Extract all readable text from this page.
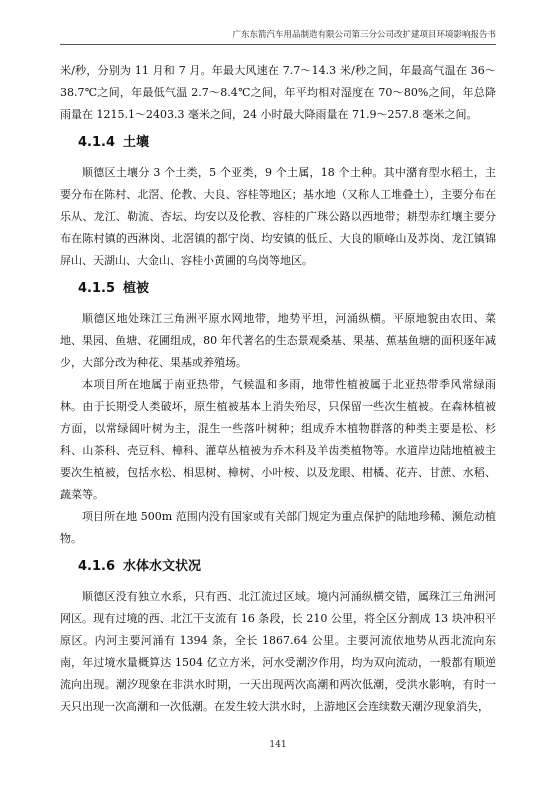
广东东箭汽车用品制造有限公司第三分公司改扩建项目环境影响报告书

米/秒，分别为 11 月和 7 月。年最大风速在 7.7～14.3 米/秒之间，年最高气温在 36～38.7℃之间，年最低气温 2.7～8.4℃之间，年平均相对湿度在 70～80%之间，年总降雨量在 1215.1～2403.3 毫米之间，24 小时最大降雨量在 71.9～257.8 毫米之间。

4.1.4 土壤

顺德区土壤分 3 个土类，5 个亚类，9 个土属，18 个土种。其中潴育型水稻土，主要分布在陈村、北滘、伦教、大良、容桂等地区；基水地（又称人工堆叠土），主要分布在乐从、龙江、勒流、杏坛、均安以及伦教、容桂的广珠公路以西地带；耕型赤红壤主要分布在陈村镇的西淋岗、北滘镇的都宁岗、均安镇的低丘、大良的顺峰山及苏岗、龙江镇锦屏山、天湖山、大金山、容桂小黄圃的乌岗等地区。

4.1.5 植被

顺德区地处珠江三角洲平原水网地带，地势平坦，河涌纵横。平原地貌由农田、菜地、果园、鱼塘、花圃组成，80 年代著名的生态景观桑基、果基、蕉基鱼塘的面积逐年减少，大部分改为种花、果基或养殖场。

本项目所在地属于南亚热带，气候温和多雨，地带性植被属于北亚热带季风常绿雨林。由于长期受人类破坏，原生植被基本上消失殆尽，只保留一些次生植被。在森林植被方面，以常绿阔叶树为主，混生一些落叶树种；组成乔木植物群落的种类主要是松、杉科、山茶科、壳豆科、樟科、灌草丛植被为乔木科及羊齿类植物等。水道岸边陆地植被主要次生植被，包括水松、相思树、樟树、小叶桉、以及龙眼、柑橘、花卉、甘蔗、水稻、蔬菜等。

项目所在地 500m 范围内没有国家或有关部门规定为重点保护的陆地珍稀、濒危动植物。

4.1.6 水体水文状况

顺德区没有独立水系，只有西、北江流过区域。境内河涌纵横交错，属珠江三角洲河网区。现有过境的西、北江干支流有 16 条段，长 210 公里，将全区分割成 13 块冲积平原区。内河主要河涌有 1394 条，全长 1867.64 公里。主要河流依地势从西北流向东南，年过境水量概算达 1504 亿立方米，河水受潮汐作用，均为双向流动，一般都有顺逆流向出现。潮汐现象在非洪水时期，一天出现两次高潮和两次低潮，受洪水影响，有时一天只出现一次高潮和一次低潮。在发生较大洪水时，上游地区会连续数天潮汐现象消失，

141
